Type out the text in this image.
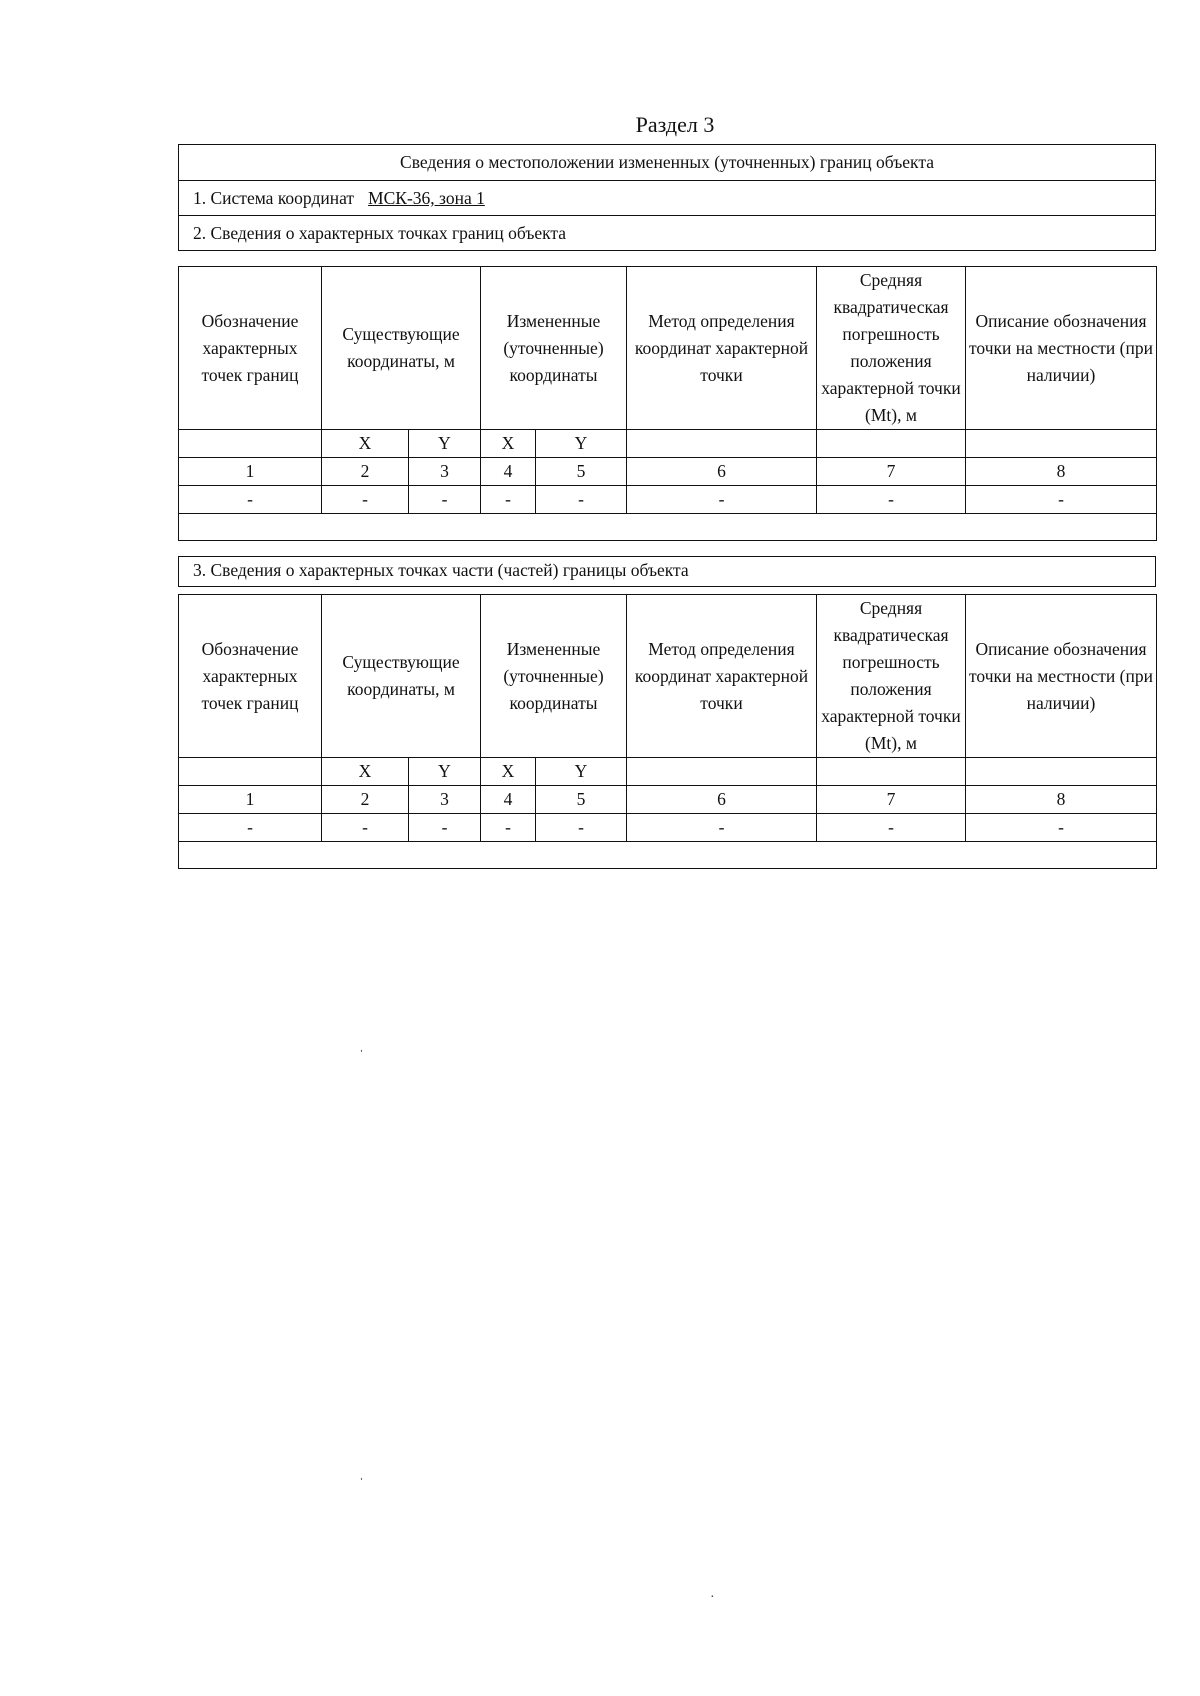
Раздел 3
Сведения о местоположении измененных (уточненных) границ объекта
1. Система координат МСК-36, зона 1
2. Сведения о характерных точках границ объекта
Обозначение характерных точек границ	Существующие координаты, м		Измененные (уточненные) координаты		Метод определения координат характерной точки	Средняя квадратическая погрешность положения характерной точки (Mt), м	Описание обозначения точки на местности (при наличии)
	X	Y	X	Y			
1	2	3	4	5	6	7	8
-	-	-	-	-	-	-	-

3. Сведения о характерных точках части (частей) границы объекта
Обозначение характерных точек границ	Существующие координаты, м		Измененные (уточненные) координаты		Метод определения координат характерной точки	Средняя квадратическая погрешность положения характерной точки (Mt), м	Описание обозначения точки на местности (при наличии)
	X	Y	X	Y			
1	2	3	4	5	6	7	8
-	-	-	-	-	-	-	-

ˌ
ˌ
·
